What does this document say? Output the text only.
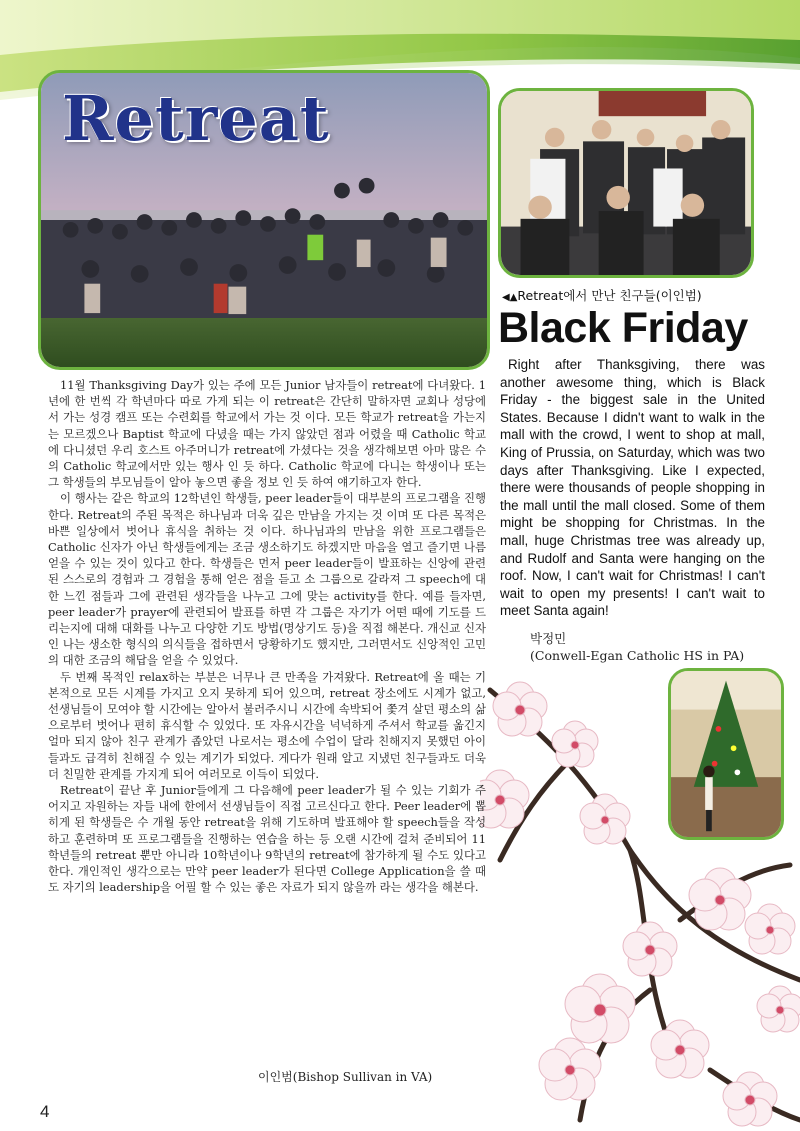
Retreat
◀▲Retreat에서 만난 친구들(이인범)
Black Friday

Right after Thanksgiving, there was another awesome thing, which is Black Friday - the biggest sale in the United States. Because I didn't want to walk in the mall with the crowd, I went to shop at mall, King of Prussia, on Saturday, which was two days after Thanksgiving. Like I expected, there were thousands of people shopping in the mall until the mall closed. Some of them might be shopping for Christmas. In the mall, huge Christmas tree was already up, and Rudolf and Santa were hanging on the roof. Now, I can't wait for Christmas! I can't wait to open my presents! I can't wait to meet Santa again!

박정민
(Conwell-Egan Catholic HS in PA)

11월 Thanksgiving Day가 있는 주에 모든 Junior 남자들이 retreat에 다녀왔다. 1년에 한 번씩 각 학년마다 따로 가게 되는 이 retreat은 간단히 말하자면 교회나 성당에서 가는 성경 캠프 또는 수련회를 학교에서 가는 것 이다. 모든 학교가 retreat을 가는지는 모르겠으나 Baptist 학교에 다녔을 때는 가지 않았던 점과 어렸을 때 Catholic 학교에 다니셨던 우리 호스트 아주머니가 retreat에 가셨다는 것을 생각해보면 아마 많은 수의 Catholic 학교에서만 있는 행사 인 듯 하다. Catholic 학교에 다니는 학생이나 또는 그 학생들의 부모님들이 알아 놓으면 좋을 정보 인 듯 하여 얘기하고자 한다.

이 행사는 같은 학교의 12학년인 학생들, peer leader들이 대부분의 프로그램을 진행한다. Retreat의 주된 목적은 하나님과 더욱 깊은 만남을 가지는 것 이며 또 다른 목적은 바쁜 일상에서 벗어나 휴식을 취하는 것 이다. 하나님과의 만남을 위한 프로그램들은 Catholic 신자가 아닌 학생들에게는 조금 생소하기도 하겠지만 마음을 열고 즐기면 나름 얻을 수 있는 것이 있다고 한다. 학생들은 먼저 peer leader들이 발표하는 신앙에 관련된 스스로의 경험과 그 경험을 통해 얻은 점을 듣고 소 그룹으로 갈라져 그 speech에 대한 느낀 점들과 그에 관련된 생각들을 나누고 그에 맞는 activity를 한다. 예를 들자면, peer leader가 prayer에 관련되어 발표를 하면 각 그룹은 자기가 어떤 때에 기도를 드리는지에 대해 대화를 나누고 다양한 기도 방법(명상기도 등)을 직접 해본다. 개신교 신자인 나는 생소한 형식의 의식들을 접하면서 당황하기도 했지만, 그러면서도 신앙적인 고민의 대한 조금의 해답을 얻을 수 있었다.

두 번째 목적인 relax하는 부분은 너무나 큰 만족을 가져왔다. Retreat에 올 때는 기본적으로 모든 시계를 가지고 오지 못하게 되어 있으며, retreat 장소에도 시계가 없고, 선생님들이 모여야 할 시간에는 알아서 불러주시니 시간에 속박되어 쫓겨 살던 평소의 삶으로부터 벗어나 편히 휴식할 수 있었다. 또 자유시간을 넉넉하게 주셔서 학교를 옮긴지 얼마 되지 않아 친구 관계가 좁았던 나로서는 평소에 수업이 달라 친해지지 못했던 아이들과도 급격히 친해질 수 있는 계기가 되었다. 게다가 원래 알고 지냈던 친구들과도 더욱더 친밀한 관계를 가지게 되어 여러모로 이득이 되었다.

Retreat이 끝난 후 Junior들에게 그 다음해에 peer leader가 될 수 있는 기회가 주어지고 자원하는 자들 내에 한에서 선생님들이 직접 고르신다고 한다. Peer leader에 뽑히게 된 학생들은 수 개월 동안 retreat을 위해 기도하며 발표해야 할 speech들을 작성하고 훈련하며 또 프로그램들을 진행하는 연습을 하는 등 오랜 시간에 걸쳐 준비되어 11학년들의 retreat 뿐만 아니라 10학년이나 9학년의 retreat에 참가하게 될 수도 있다고 한다. 개인적인 생각으로는 만약 peer leader가 된다면 College Application을 쓸 때도 자기의 leadership을 어필 할 수 있는 좋은 자료가 되지 않을까 라는 생각을 해본다.

이인범(Bishop Sullivan in VA)
4
